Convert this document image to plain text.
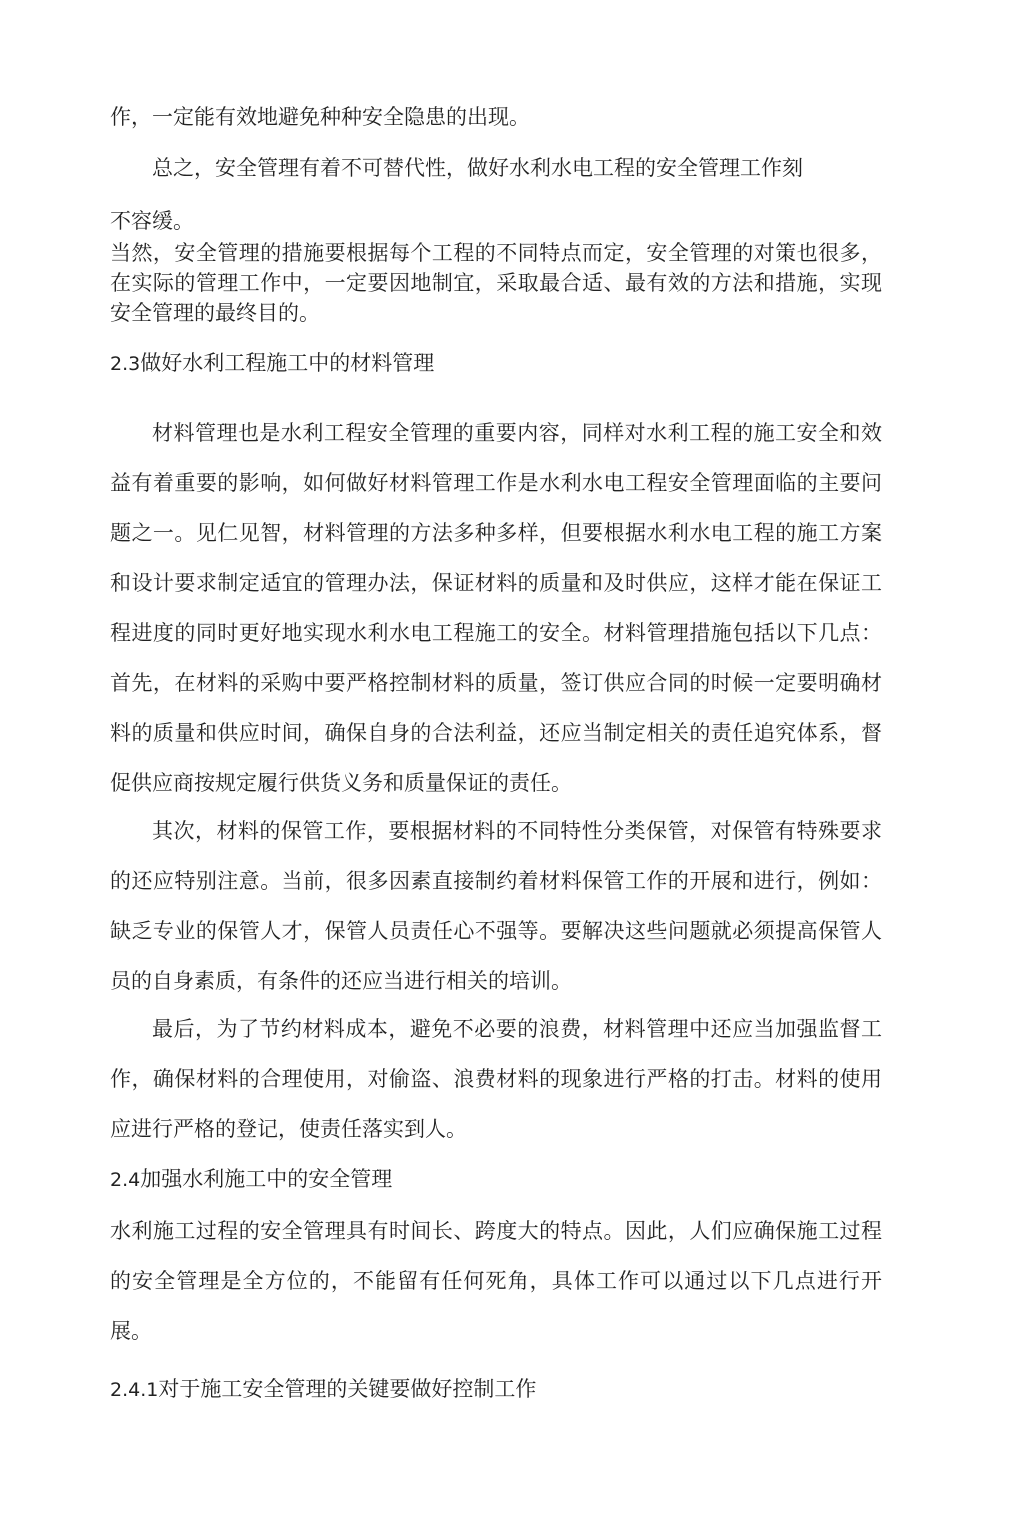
作，一定能有效地避免种种安全隐患的出现。

总之，安全管理有着不可替代性，做好水利水电工程的安全管理工作刻

不容缓。

当然，安全管理的措施要根据每个工程的不同特点而定，安全管理的对策也很多，在实际的管理工作中，一定要因地制宜，采取最合适、最有效的方法和措施，实现安全管理的最终目的。

2.3做好水利工程施工中的材料管理

材料管理也是水利工程安全管理的重要内容，同样对水利工程的施工安全和效益有着重要的影响，如何做好材料管理工作是水利水电工程安全管理面临的主要问题之一。见仁见智，材料管理的方法多种多样，但要根据水利水电工程的施工方案和设计要求制定适宜的管理办法，保证材料的质量和及时供应，这样才能在保证工程进度的同时更好地实现水利水电工程施工的安全。材料管理措施包括以下几点：首先，在材料的采购中要严格控制材料的质量，签订供应合同的时候一定要明确材料的质量和供应时间，确保自身的合法利益，还应当制定相关的责任追究体系，督促供应商按规定履行供货义务和质量保证的责任。

其次，材料的保管工作，要根据材料的不同特性分类保管，对保管有特殊要求的还应特别注意。当前，很多因素直接制约着材料保管工作的开展和进行，例如：缺乏专业的保管人才，保管人员责任心不强等。要解决这些问题就必须提高保管人员的自身素质，有条件的还应当进行相关的培训。

最后，为了节约材料成本，避免不必要的浪费，材料管理中还应当加强监督工作，确保材料的合理使用，对偷盗、浪费材料的现象进行严格的打击。材料的使用应进行严格的登记，使责任落实到人。

2.4加强水利施工中的安全管理

水利施工过程的安全管理具有时间长、跨度大的特点。因此，人们应确保施工过程的安全管理是全方位的，不能留有任何死角，具体工作可以通过以下几点进行开展。

2.4.1对于施工安全管理的关键要做好控制工作
